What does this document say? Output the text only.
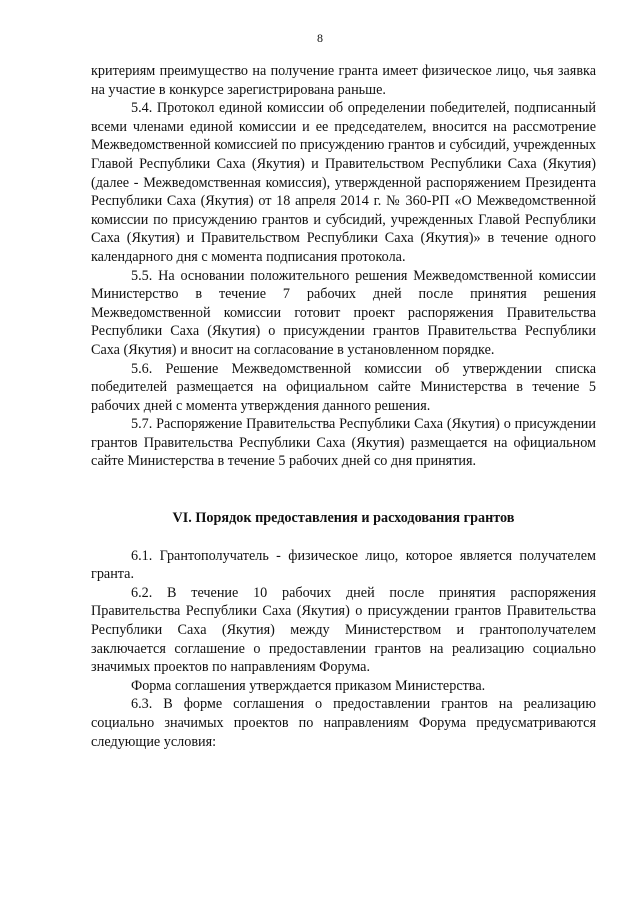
8

критериям преимущество на получение гранта имеет физическое лицо, чья заявка на участие в конкурсе зарегистрирована раньше.

5.4. Протокол единой комиссии об определении победителей, подписанный всеми членами единой комиссии и ее председателем, вносится на рассмотрение Межведомственной комиссией по присуждению грантов и субсидий, учрежденных Главой Республики Саха (Якутия) и Правительством Республики Саха (Якутия) (далее - Межведомственная комиссия), утвержденной распоряжением Президента Республики Саха (Якутия) от 18 апреля 2014 г. № 360-РП «О Межведомственной комиссии по присуждению грантов и субсидий, учрежденных Главой Республики Саха (Якутия) и Правительством Республики Саха (Якутия)» в течение одного календарного дня с момента подписания протокола.

5.5. На основании положительного решения Межведомственной комиссии Министерство в течение 7 рабочих дней после принятия решения Межведомственной комиссии готовит проект распоряжения Правительства Республики Саха (Якутия) о присуждении грантов Правительства Республики Саха (Якутия) и вносит на согласование в установленном порядке.

5.6. Решение Межведомственной комиссии об утверждении списка победителей размещается на официальном сайте Министерства в течение 5 рабочих дней с момента утверждения данного решения.

5.7. Распоряжение Правительства Республики Саха (Якутия) о присуждении грантов Правительства Республики Саха (Якутия) размещается на официальном сайте Министерства в течение 5 рабочих дней со дня принятия.

VI. Порядок предоставления и расходования грантов

6.1. Грантополучатель - физическое лицо, которое является получателем гранта.

6.2. В течение 10 рабочих дней после принятия распоряжения Правительства Республики Саха (Якутия) о присуждении грантов Правительства Республики Саха (Якутия) между Министерством и грантополучателем заключается соглашение о предоставлении грантов на реализацию социально значимых проектов по направлениям Форума.

Форма соглашения утверждается приказом Министерства.

6.3. В форме соглашения о предоставлении грантов на реализацию социально значимых проектов по направлениям Форума предусматриваются следующие условия:
